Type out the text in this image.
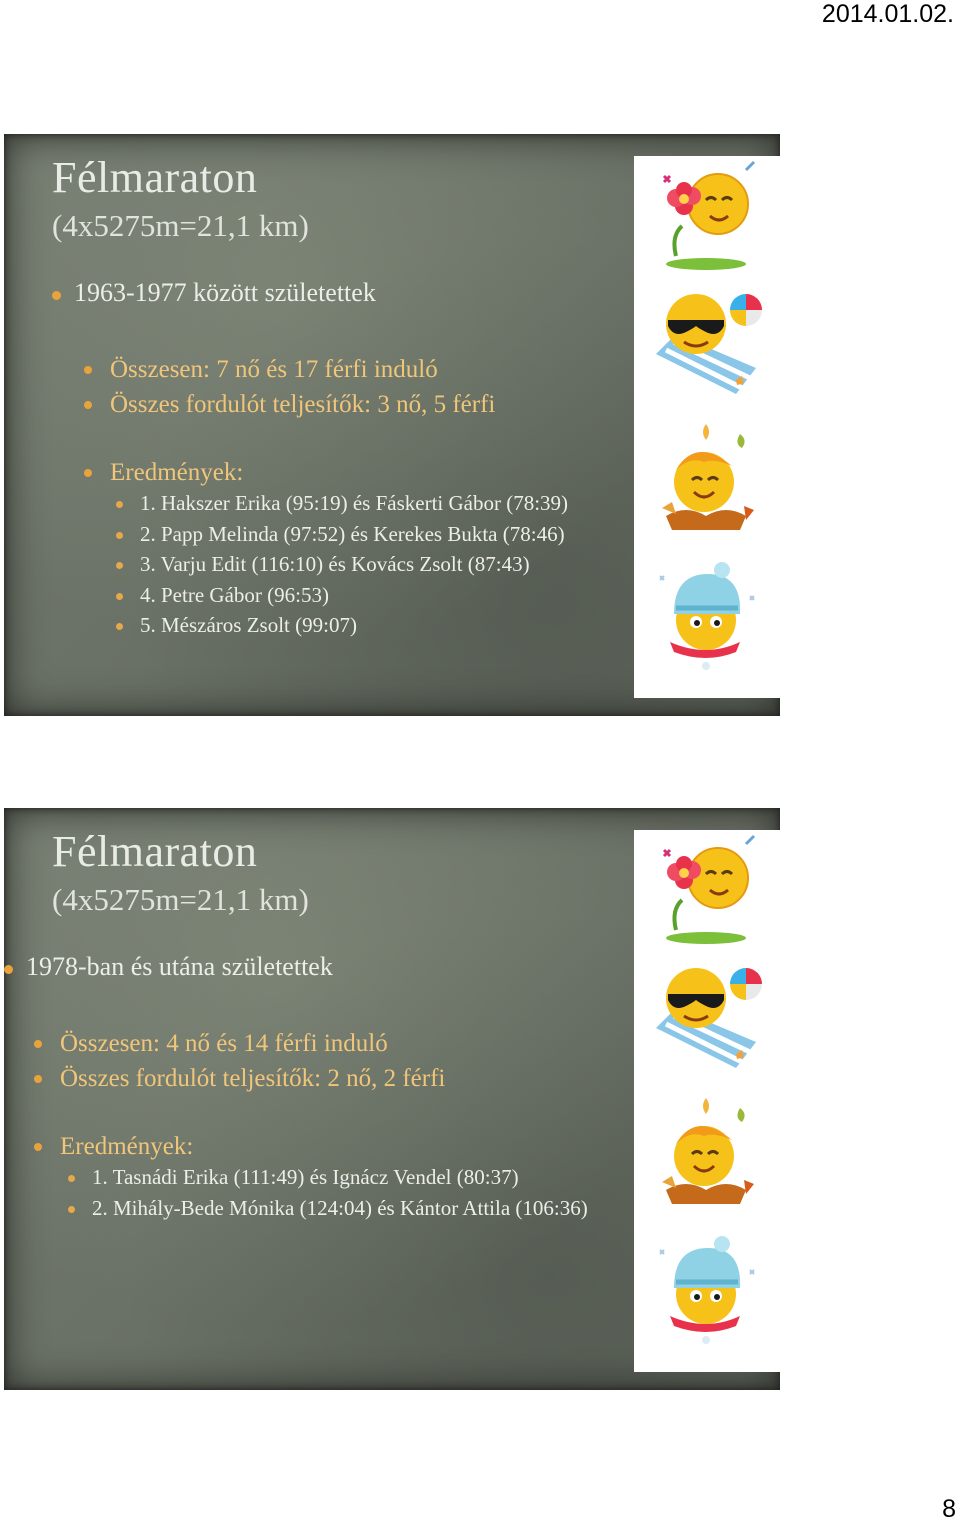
2014.01.02.
Félmaraton
(4x5275m=21,1 km)
1963-1977 között születettek
Összesen: 7 nő és 17 férfi induló
Összes fordulót teljesítők: 3 nő, 5 férfi
Eredmények:
1. Hakszer Erika (95:19) és Fáskerti Gábor (78:39)
2. Papp Melinda (97:52) és Kerekes Bukta (78:46)
3. Varju Edit (116:10) és Kovács Zsolt (87:43)
4. Petre Gábor (96:53)
5. Mészáros Zsolt (99:07)
Félmaraton
(4x5275m=21,1 km)
1978-ban és utána születettek
Összesen: 4 nő és 14 férfi induló
Összes fordulót teljesítők: 2 nő, 2 férfi
Eredmények:
1. Tasnádi Erika (111:49) és Ignácz Vendel (80:37)
2. Mihály-Bede Mónika (124:04) és Kántor Attila (106:36)
8
